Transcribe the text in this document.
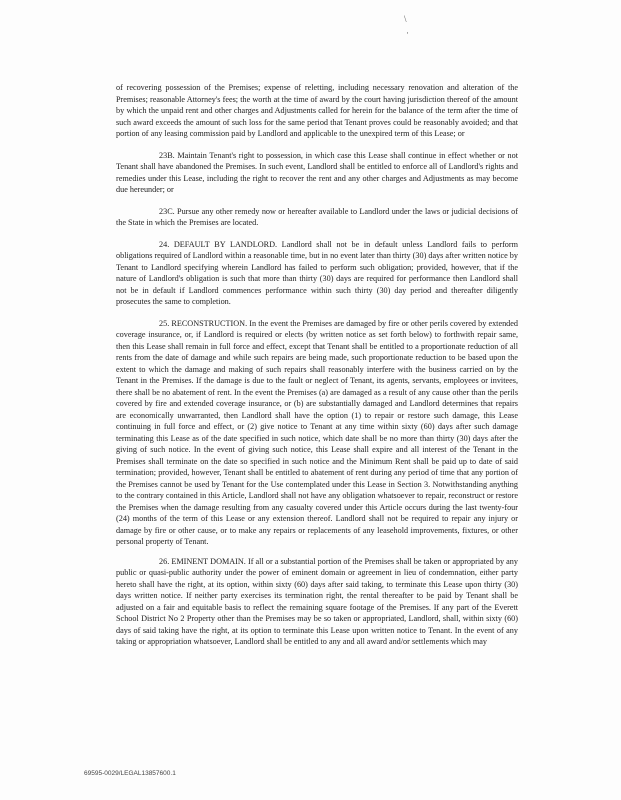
\
·

of recovering possession of the Premises; expense of reletting, including necessary renovation and alteration of the Premises; reasonable Attorney's fees; the worth at the time of award by the court having jurisdiction thereof of the amount by which the unpaid rent and other charges and Adjustments called for herein for the balance of the term after the time of such award exceeds the amount of such loss for the same period that Tenant proves could be reasonably avoided; and that portion of any leasing commission paid by Landlord and applicable to the unexpired term of this Lease; or

23B. Maintain Tenant's right to possession, in which case this Lease shall continue in effect whether or not Tenant shall have abandoned the Premises. In such event, Landlord shall be entitled to enforce all of Landlord's rights and remedies under this Lease, including the right to recover the rent and any other charges and Adjustments as may become due hereunder; or

23C. Pursue any other remedy now or hereafter available to Landlord under the laws or judicial decisions of the State in which the Premises are located.

24. DEFAULT BY LANDLORD. Landlord shall not be in default unless Landlord fails to perform obligations required of Landlord within a reasonable time, but in no event later than thirty (30) days after written notice by Tenant to Landlord specifying wherein Landlord has failed to perform such obligation; provided, however, that if the nature of Landlord's obligation is such that more than thirty (30) days are required for performance then Landlord shall not be in default if Landlord commences performance within such thirty (30) day period and thereafter diligently prosecutes the same to completion.

25. RECONSTRUCTION. In the event the Premises are damaged by fire or other perils covered by extended coverage insurance, or, if Landlord is required or elects (by written notice as set forth below) to forthwith repair same, then this Lease shall remain in full force and effect, except that Tenant shall be entitled to a proportionate reduction of all rents from the date of damage and while such repairs are being made, such proportionate reduction to be based upon the extent to which the damage and making of such repairs shall reasonably interfere with the business carried on by the Tenant in the Premises. If the damage is due to the fault or neglect of Tenant, its agents, servants, employees or invitees, there shall be no abatement of rent. In the event the Premises (a) are damaged as a result of any cause other than the perils covered by fire and extended coverage insurance, or (b) are substantially damaged and Landlord determines that repairs are economically unwarranted, then Landlord shall have the option (1) to repair or restore such damage, this Lease continuing in full force and effect, or (2) give notice to Tenant at any time within sixty (60) days after such damage terminating this Lease as of the date specified in such notice, which date shall be no more than thirty (30) days after the giving of such notice. In the event of giving such notice, this Lease shall expire and all interest of the Tenant in the Premises shall terminate on the date so specified in such notice and the Minimum Rent shall be paid up to date of said termination; provided, however, Tenant shall be entitled to abatement of rent during any period of time that any portion of the Premises cannot be used by Tenant for the Use contemplated under this Lease in Section 3. Notwithstanding anything to the contrary contained in this Article, Landlord shall not have any obligation whatsoever to repair, reconstruct or restore the Premises when the damage resulting from any casualty covered under this Article occurs during the last twenty-four (24) months of the term of this Lease or any extension thereof. Landlord shall not be required to repair any injury or damage by fire or other cause, or to make any repairs or replacements of any leasehold improvements, fixtures, or other personal property of Tenant.

26. EMINENT DOMAIN. If all or a substantial portion of the Premises shall be taken or appropriated by any public or quasi-public authority under the power of eminent domain or agreement in lieu of condemnation, either party hereto shall have the right, at its option, within sixty (60) days after said taking, to terminate this Lease upon thirty (30) days written notice. If neither party exercises its termination right, the rental thereafter to be paid by Tenant shall be adjusted on a fair and equitable basis to reflect the remaining square footage of the Premises. If any part of the Everett School District No 2 Property other than the Premises may be so taken or appropriated, Landlord, shall, within sixty (60) days of said taking have the right, at its option to terminate this Lease upon written notice to Tenant. In the event of any taking or appropriation whatsoever, Landlord shall be entitled to any and all award and/or settlements which may

69595-0029/LEGAL13857600.1
